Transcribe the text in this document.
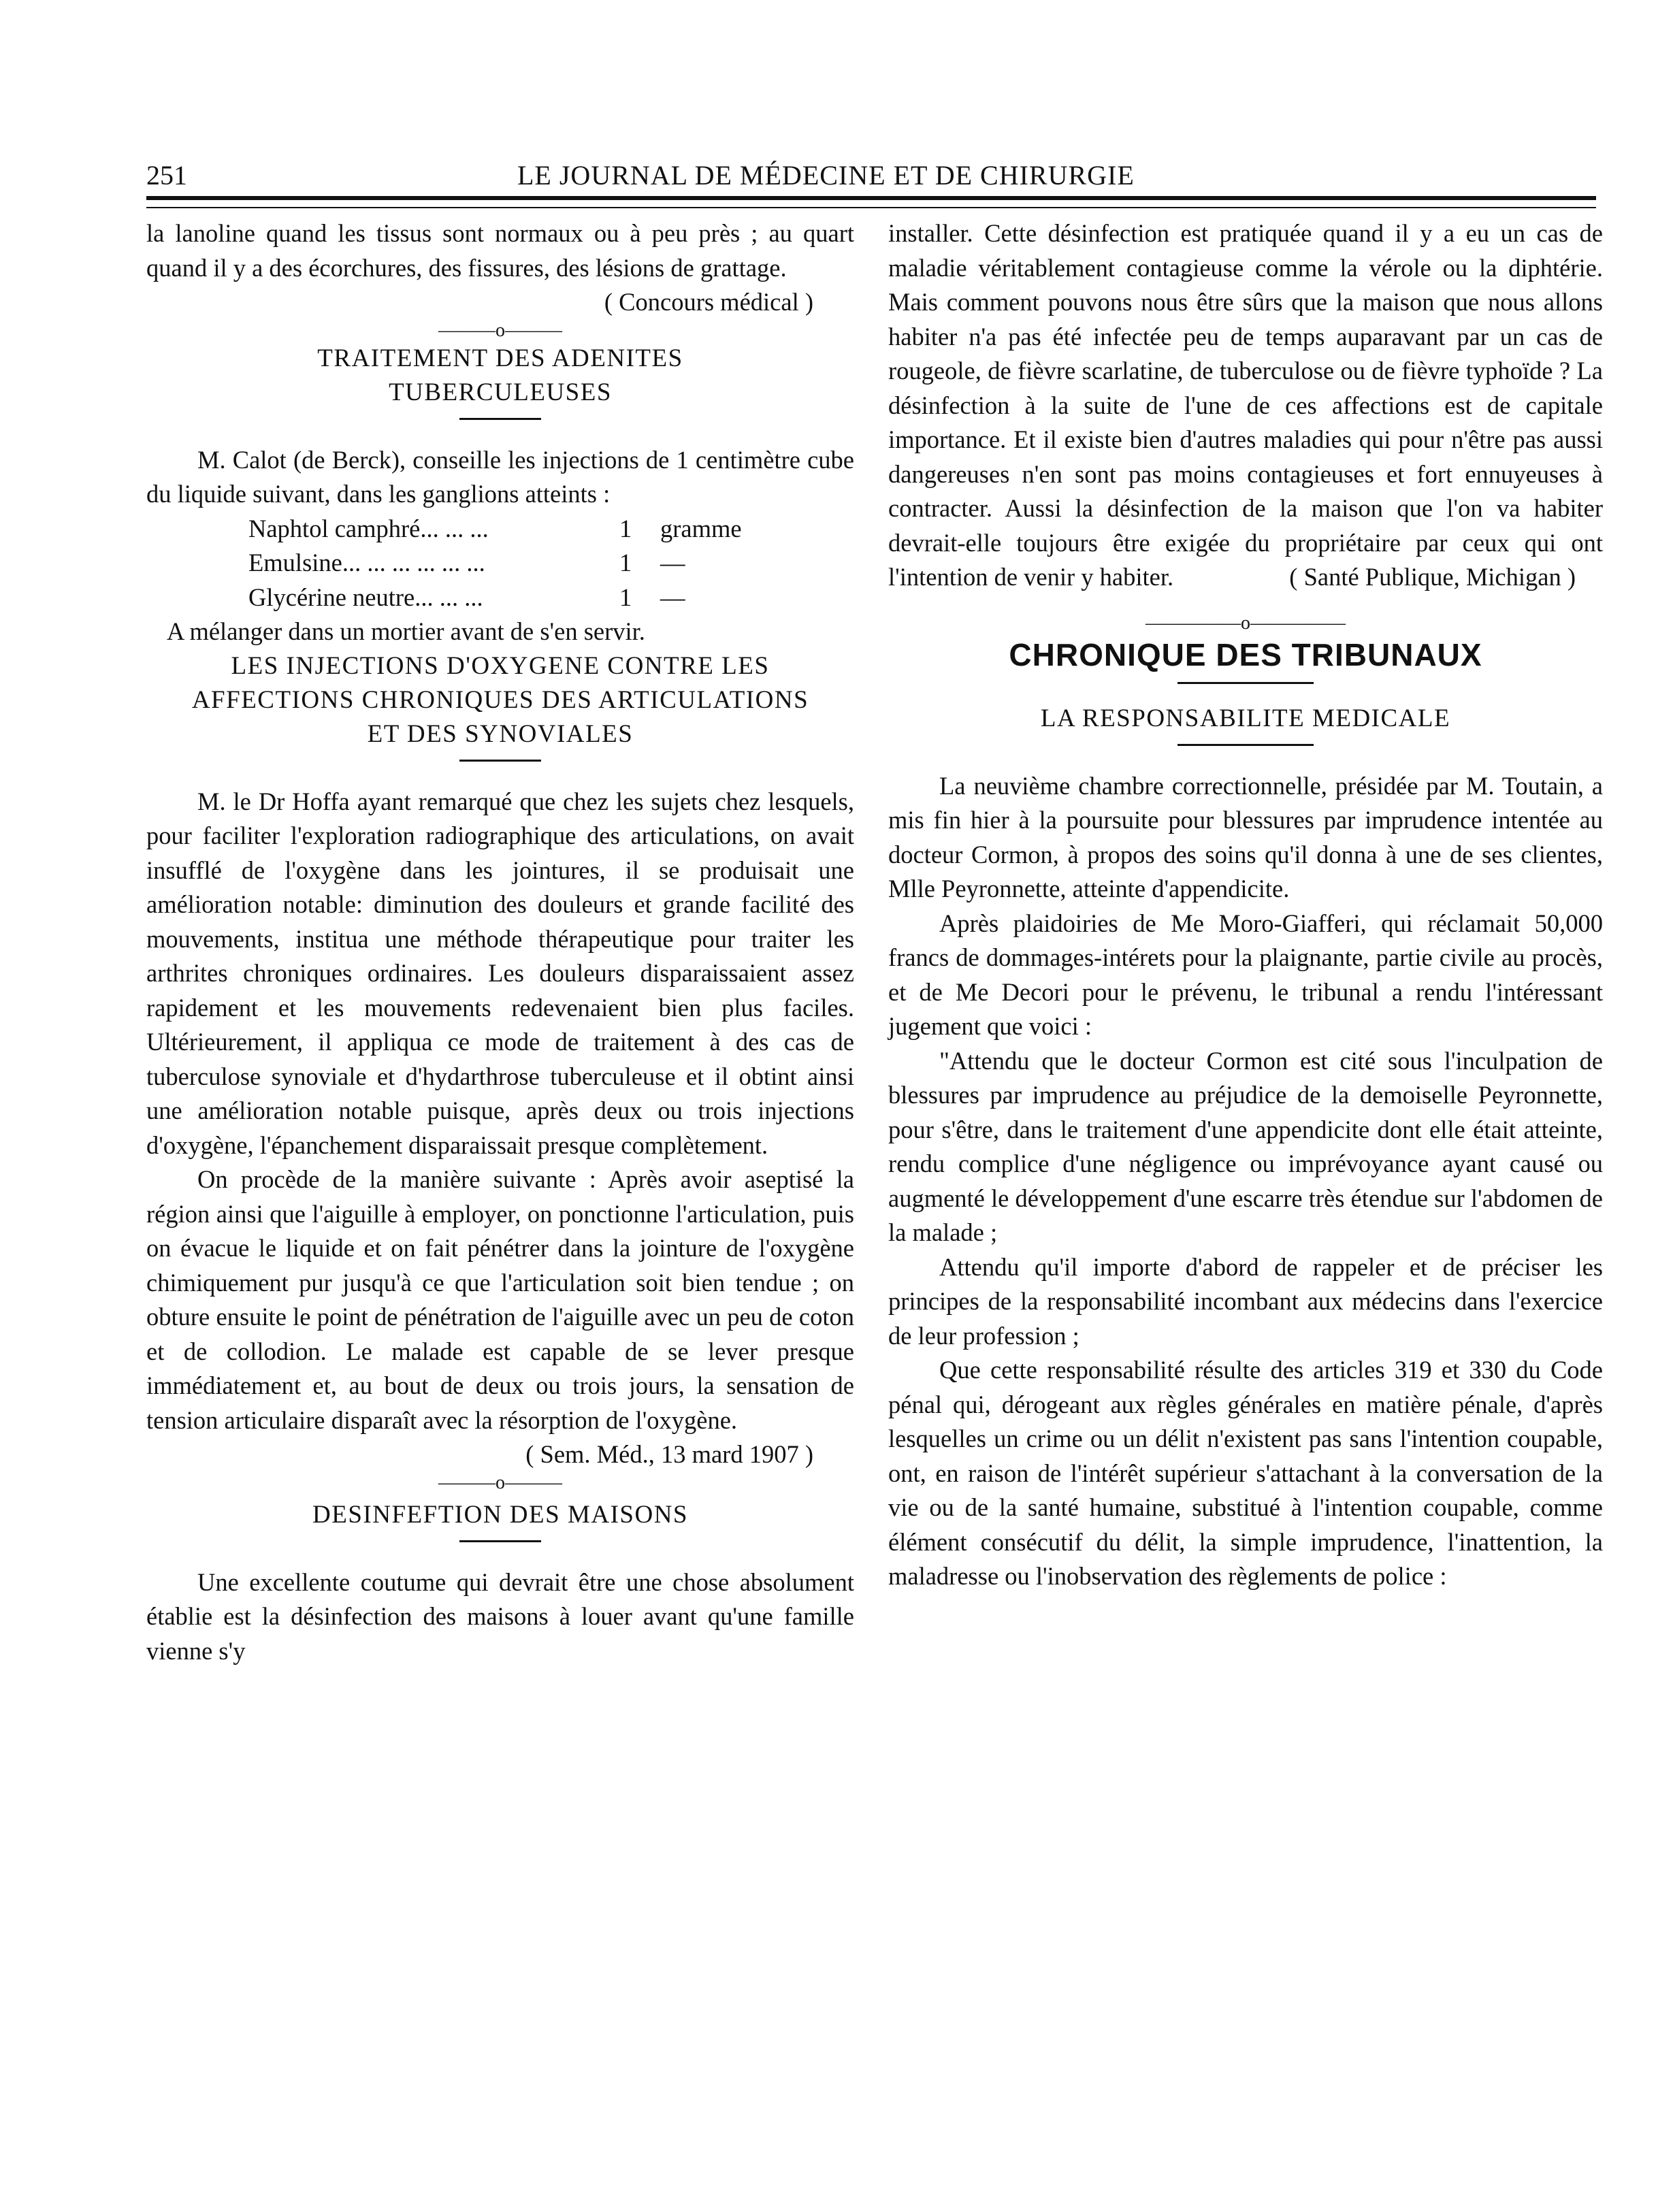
251	LE JOURNAL DE MÉDECINE ET DE CHIRURGIE

la lanoline quand les tissus sont normaux ou à peu près ; au quart quand il y a des écorchures, des fissures, des lésions de grattage.

( Concours médical )

———o———

TRAITEMENT DES ADENITES TUBERCULEUSES

M. Calot (de Berck), conseille les injections de 1 centimètre cube du liquide suivant, dans les ganglions atteints :

Naphtol camphré... ... ...	1	gramme
Emulsine... ... ... ... ... ...	1	—
Glycérine neutre... ... ...	1	—

A mélanger dans un mortier avant de s'en servir.

LES INJECTIONS D'OXYGENE CONTRE LES AFFECTIONS CHRONIQUES DES ARTICULATIONS ET DES SYNOVIALES

M. le Dr Hoffa ayant remarqué que chez les sujets chez lesquels, pour faciliter l'exploration radiographique des articulations, on avait insufflé de l'oxygène dans les jointures, il se produisait une amélioration notable: diminution des douleurs et grande facilité des mouvements, institua une méthode thérapeutique pour traiter les arthrites chroniques ordinaires. Les douleurs disparaissaient assez rapidement et les mouvements redevenaient bien plus faciles. Ultérieurement, il appliqua ce mode de traitement à des cas de tuberculose synoviale et d'hydarthrose tuberculeuse et il obtint ainsi une amélioration notable puisque, après deux ou trois injections d'oxygène, l'épanchement disparaissait presque complètement.

On procède de la manière suivante : Après avoir aseptisé la région ainsi que l'aiguille à employer, on ponctionne l'articulation, puis on évacue le liquide et on fait pénétrer dans la jointure de l'oxygène chimiquement pur jusqu'à ce que l'articulation soit bien tendue ; on obture ensuite le point de pénétration de l'aiguille avec un peu de coton et de collodion. Le malade est capable de se lever presque immédiatement et, au bout de deux ou trois jours, la sensation de tension articulaire disparaît avec la résorption de l'oxygène.

( Sem. Méd., 13 mard 1907 )

———o———

DESINFEFTION DES MAISONS

Une excellente coutume qui devrait être une chose absolument établie est la désinfection des maisons à louer avant qu'une famille vienne s'y

installer. Cette désinfection est pratiquée quand il y a eu un cas de maladie véritablement contagieuse comme la vérole ou la diphtérie. Mais comment pouvons nous être sûrs que la maison que nous allons habiter n'a pas été infectée peu de temps auparavant par un cas de rougeole, de fièvre scarlatine, de tuberculose ou de fièvre typhoïde ? La désinfection à la suite de l'une de ces affections est de capitale importance. Et il existe bien d'autres maladies qui pour n'être pas aussi dangereuses n'en sont pas moins contagieuses et fort ennuyeuses à contracter. Aussi la désinfection de la maison que l'on va habiter devrait-elle toujours être exigée du propriétaire par ceux qui ont l'intention de venir y habiter.	( Santé Publique, Michigan )

—————o—————

CHRONIQUE DES TRIBUNAUX

LA RESPONSABILITE MEDICALE

La neuvième chambre correctionnelle, présidée par M. Toutain, a mis fin hier à la poursuite pour blessures par imprudence intentée au docteur Cormon, à propos des soins qu'il donna à une de ses clientes, Mlle Peyronnette, atteinte d'appendicite.

Après plaidoiries de Me Moro-Giafferi, qui réclamait 50,000 francs de dommages-intérets pour la plaignante, partie civile au procès, et de Me Decori pour le prévenu, le tribunal a rendu l'intéressant jugement que voici :

"Attendu que le docteur Cormon est cité sous l'inculpation de blessures par imprudence au préjudice de la demoiselle Peyronnette, pour s'être, dans le traitement d'une appendicite dont elle était atteinte, rendu complice d'une négligence ou imprévoyance ayant causé ou augmenté le développement d'une escarre très étendue sur l'abdomen de la malade ;

Attendu qu'il importe d'abord de rappeler et de préciser les principes de la responsabilité incombant aux médecins dans l'exercice de leur profession ;

Que cette responsabilité résulte des articles 319 et 330 du Code pénal qui, dérogeant aux règles générales en matière pénale, d'après lesquelles un crime ou un délit n'existent pas sans l'intention coupable, ont, en raison de l'intérêt supérieur s'attachant à la conversation de la vie ou de la santé humaine, substitué à l'intention coupable, comme élément consécutif du délit, la simple imprudence, l'inattention, la maladresse ou l'inobservation des règlements de police :
